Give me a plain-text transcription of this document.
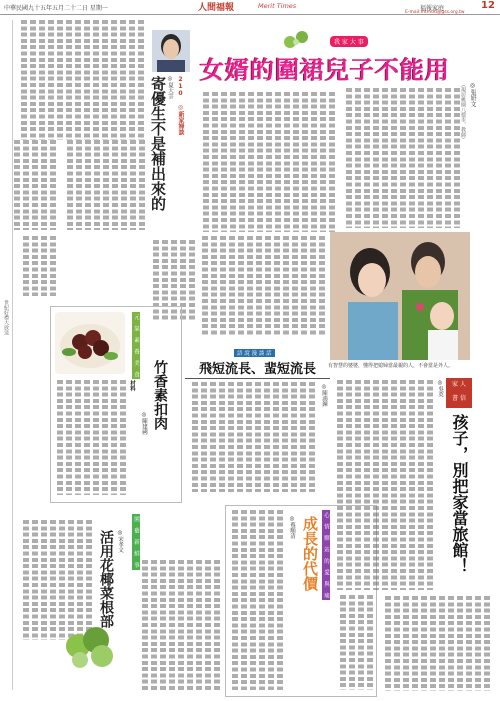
中華民國九十五年五月二十二日 星期一	人間福報	Merit Times	福報家庭	12
E-mail:mtmdd@gss.org.tw
我 家 大 事
女婿的圍裙兒子不能用
◎張妍文
（現居桃園八德市，教師）
有智慧的婆婆，懂得把媳婦當最親的人，不會當是外人。
210 ◎新家婦談
◎夏大雲
寄優生不是補出來的
語 說 漫 談 話
飛短流長、蜚短流長
◎陳鴻鍊
元 氣 素 養 美 食
竹香素扣肉
◎陳建國
材料
園 藝 新 鮮 事
◎宋孝文
活用花椰菜根部
世紀好禮大放送
心 情 驛 站 的 愛 與 痛
成長的代價
◎蔡順清
家 人
書 信
◎吳英
孩子，別把家當旅館！
